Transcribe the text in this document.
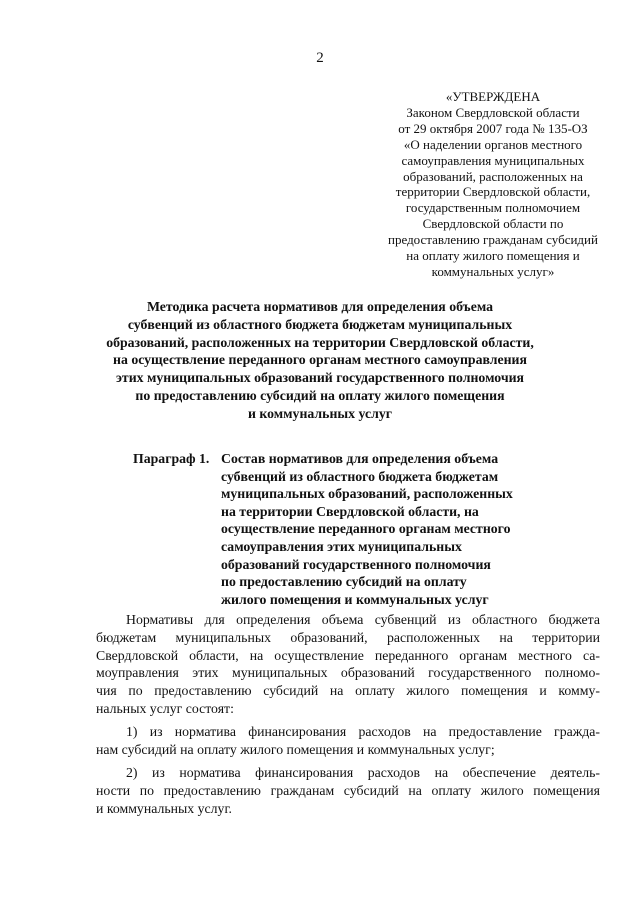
2
«УТВЕРЖДЕНА
Законом Свердловской области
от 29 октября 2007 года № 135-ОЗ
«О наделении органов местного
самоуправления муниципальных
образований, расположенных на
территории Свердловской области,
государственным полномочием
Свердловской области по
предоставлению гражданам субсидий
на оплату жилого помещения и
коммунальных услуг»
Методика расчета нормативов для определения объема
субвенций из областного бюджета бюджетам муниципальных
образований, расположенных на территории Свердловской области,
на осуществление переданного органам местного самоуправления
этих муниципальных образований государственного полномочия
по предоставлению субсидий на оплату жилого помещения
и коммунальных услуг
Параграф 1. Состав нормативов для определения объема
субвенций из областного бюджета бюджетам
муниципальных образований, расположенных
на территории Свердловской области, на
осуществление переданного органам местного
самоуправления этих муниципальных
образований государственного полномочия
по предоставлению субсидий на оплату
жилого помещения и коммунальных услуг
Нормативы для определения объема субвенций из областного бюджета
бюджетам муниципальных образований, расположенных на территории
Свердловской области, на осуществление переданного органам местного са-
моуправления этих муниципальных образований государственного полномо-
чия по предоставлению субсидий на оплату жилого помещения и комму-
нальных услуг состоят:
1) из норматива финансирования расходов на предоставление гражда-
нам субсидий на оплату жилого помещения и коммунальных услуг;
2) из норматива финансирования расходов на обеспечение деятель-
ности по предоставлению гражданам субсидий на оплату жилого помещения
и коммунальных услуг.
